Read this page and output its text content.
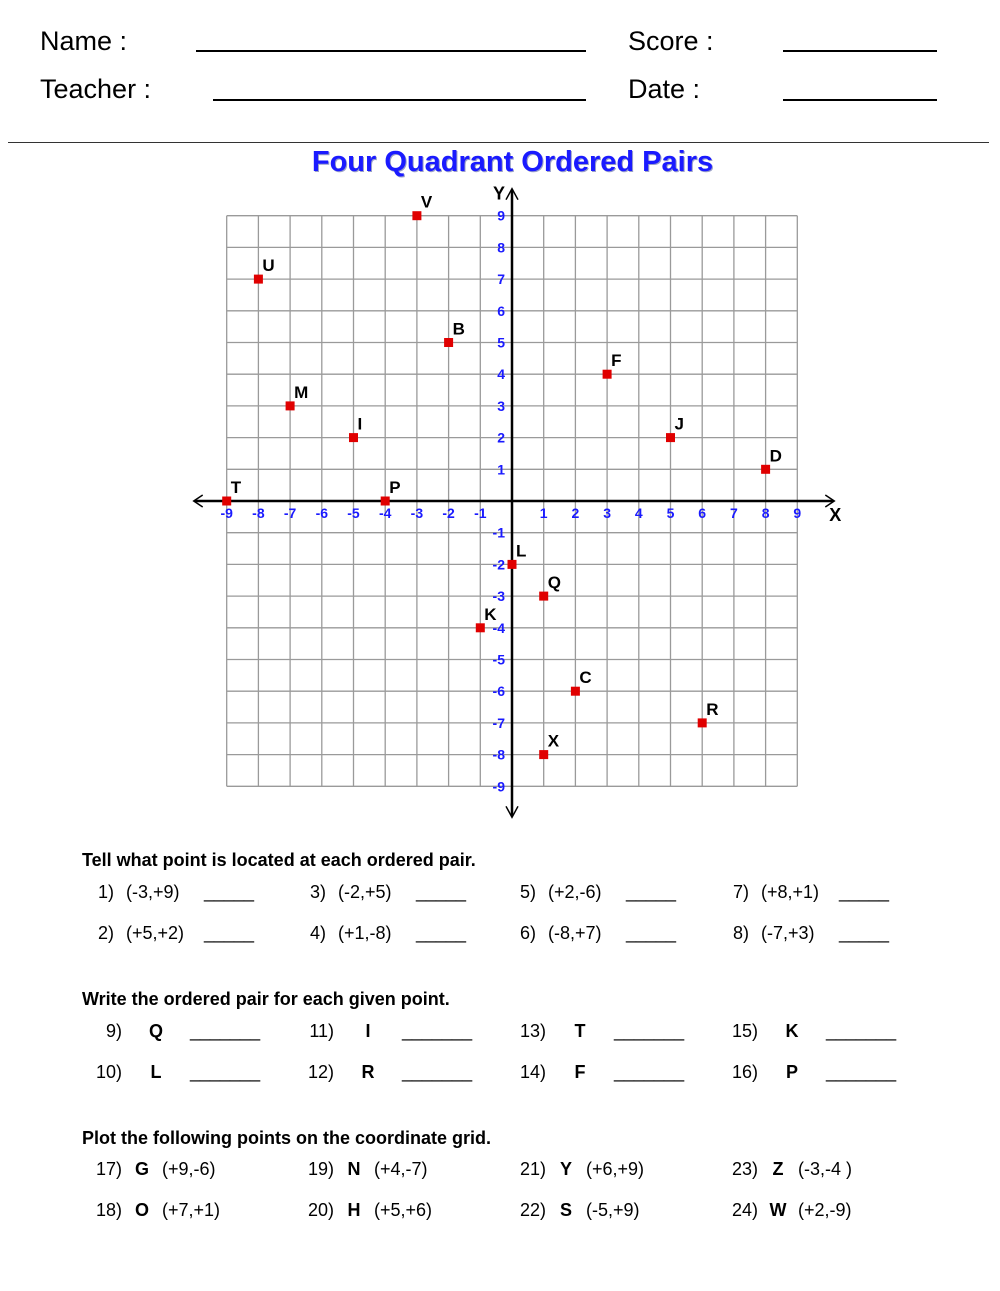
Name :
Teacher :
Score :
Date :
Four Quadrant Ordered Pairs
X
Y
-9 -8 -7 -6 -5 -4 -3 -2 -1	1 2 3 4 5 6 7 8 9
9
8
7
6
5
4
3
2
1
-1
-2
-3
-4
-5
-6
-7
-8
-9
V
U
B
F
M
I	J
D
T	P
L
Q
K
C
R
X
Tell what point is located at each ordered pair.
1) (-3,+9) _____
2) (+5,+2) _____
3) (-2,+5) _____
4) (+1,-8) _____
5) (+2,-6) _____
6) (-8,+7) _____
7) (+8,+1) _____
8) (-7,+3) _____
Write the ordered pair for each given point.
9) Q _______
10) L _______
11) I _______
12) R _______
13) T _______
14) F _______
15) K _______
16) P _______
Plot the following points on the coordinate grid.
17) G (+9,-6)
18) O (+7,+1)
19) N (+4,-7)
20) H (+5,+6)
21) Y (+6,+9)
22) S (-5,+9)
23) Z (-3,-4 )
24) W (+2,-9)
